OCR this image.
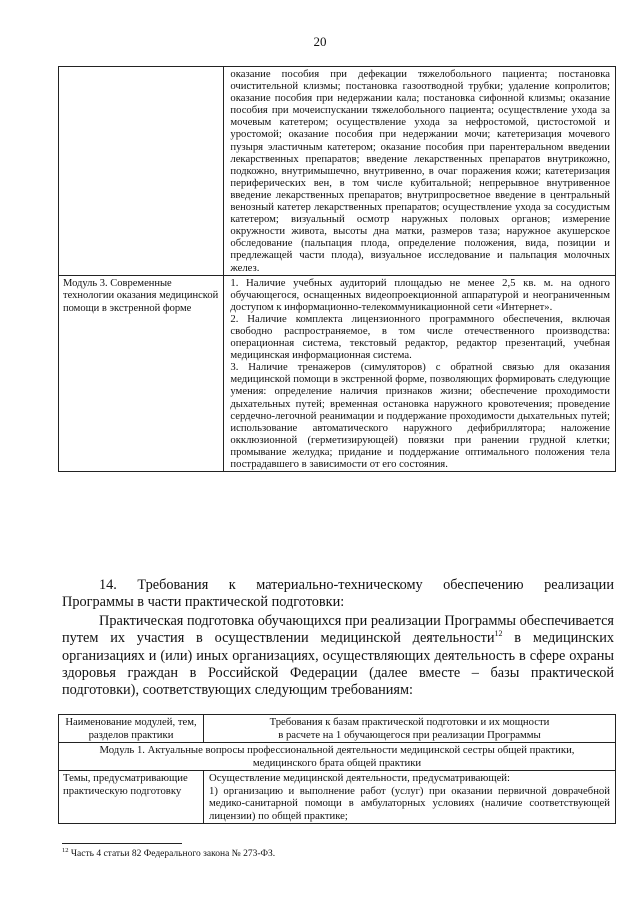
20

	оказание пособия при дефекации тяжелобольного пациента; постановка очистительной клизмы; постановка газоотводной трубки; удаление копролитов; оказание пособия при недержании кала; постановка сифонной клизмы; оказание пособия при мочеиспускании тяжелобольного пациента; осуществление ухода за мочевым катетером; осуществление ухода за нефростомой, цистостомой и уростомой; оказание пособия при недержании мочи; катетеризация мочевого пузыря эластичным катетером; оказание пособия при парентеральном введении лекарственных препаратов; введение лекарственных препаратов внутрикожно, подкожно, внутримышечно, внутривенно, в очаг поражения кожи; катетеризация периферических вен, в том числе кубитальной; непрерывное внутривенное введение лекарственных препаратов; внутрипросветное введение в центральный венозный катетер лекарственных препаратов; осуществление ухода за сосудистым катетером; визуальный осмотр наружных половых органов; измерение окружности живота, высоты дна матки, размеров таза; наружное акушерское обследование (пальпация плода, определение положения, вида, позиции и предлежащей части плода), визуальное исследование и пальпация молочных желез.

Модуль 3. Современные технологии оказания медицинской помощи в экстренной форме	1. Наличие учебных аудиторий площадью не менее 2,5 кв. м. на одного обучающегося, оснащенных видеопроекционной аппаратурой и неограниченным доступом к информационно-телекоммуникационной сети «Интернет».

2. Наличие комплекта лицензионного программного обеспечения, включая свободно распространяемое, в том числе отечественного производства: операционная система, текстовый редактор, редактор презентаций, учебная медицинская информационная система.

3. Наличие тренажеров (симуляторов) с обратной связью для оказания медицинской помощи в экстренной форме, позволяющих формировать следующие умения: определение наличия признаков жизни; обеспечение проходимости дыхательных путей; временная остановка наружного кровотечения; проведение сердечно-легочной реанимации и поддержание проходимости дыхательных путей; использование автоматического наружного дефибриллятора; наложение окклюзионной (герметизирующей) повязки при ранении грудной клетки; промывание желудка; придание и поддержание оптимального положения тела пострадавшего в зависимости от его состояния.

14. Требования к материально-техническому обеспечению реализации

Программы в части практической подготовки:

Практическая подготовка обучающихся при реализации Программы обеспечивается путем их участия в осуществлении медицинской деятельности$^{12}$ в медицинских организациях и (или) иных организациях, осуществляющих деятельность в сфере охраны здоровья граждан в Российской Федерации (далее вместе – базы практической подготовки), соответствующих следующим требованиям:

Наименование модулей, тем, разделов практики	Требования к базам практической подготовки и их мощности
в расчете на 1 обучающегося при реализации Программы

Модуль 1. Актуальные вопросы профессиональной деятельности медицинской сестры общей практики, медицинского брата общей практики	
Темы, предусматривающие практическую подготовку	Осуществление медицинской деятельности, предусматривающей:

1) организацию и выполнение работ (услуг) при оказании первичной доврачебной медико-санитарной помощи в амбулаторных условиях (наличие соответствующей лицензии) по общей практике;

$^{12}$ Часть 4 статьи 82 Федерального закона № 273-ФЗ.
